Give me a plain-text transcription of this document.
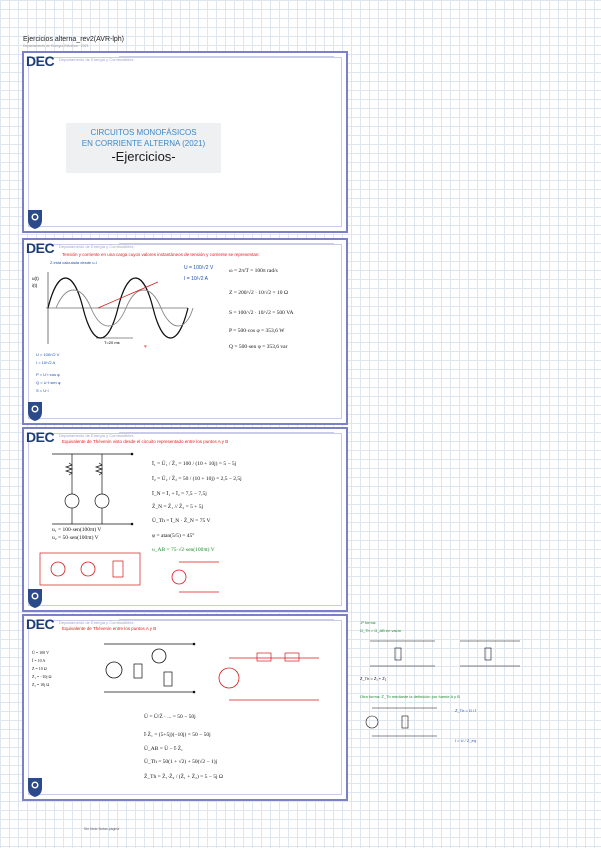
Ejercicios alterna_rev2(AVR-lph)
Departamento de Energía Eléctrica · 2021
DEC Departamento de Energía y Combustibles
CIRCUITOS MONOFÁSICOS
EN CORRIENTE ALTERNA (2021)
-Ejercicios-
DEC Departamento de Energía y Combustibles
Tensión y corriente en una carga cuyos valores instantáneos de tensión y corriente se representan:
Z está calculada desde u-i
u(t)
i(t)
T=20 ms
φ
U = 100/√2 V
I = 10/√2 A
ω = 2π/T = 100π rad/s
Z = 200/√2 · 10/√2 = 10 Ω
S = 100/√2 · 10/√2 = 500 VA
P = 500·cos φ = 353,6 W
Q = 500·sen φ = 353,6 var
U = 100/√2 V
I = 10/√2 A
P = U·I·cos φ
Q = U·I·sen φ
S = U·I
DEC Departamento de Energía y Combustibles
Equivalente de Thévenin visto desde el circuito representado entre los puntos A y B
Ī₁ = Ū₁ / Z̄₁ = 100 / (10 + 10j) = 5 − 5j
Ī₂ = Ū₂ / Z̄₂ = 50 / (10 + 10j) = 2,5 − 2,5j
Ī_N = Ī₁ + Ī₂ = 7,5 − 7,5j
Z̄_N = Z̄₁ // Z̄₂ = 5 + 5j
Ū_Th = Ī_N · Z̄_N = 75 V
u₁ = 100·sen(100πt) V
u₂ = 50·sen(100πt) V	φ = atan(5/5) = 45°
u_AB = 75·√2·sen(100πt) V
DEC Departamento de Energía y Combustibles
Equivalente de Thévenin entre los puntos A y B
Ū = 100 V
Ī = 10 A
Z̄ = 10 Ω
Z̄₁ = −10j Ω
Z̄₂ = 10j Ω
Ū = Ū/Z̄ · ... = 50 − 50j
Ī·Z̄₁ = (5+5j)(−10j) = 50 − 50j
Ū_AB = Ū − Ī·Z̄₁
Ū_Th = 50(1 + √2) + 50(√2 − 1)j
Z̄_Th = Z̄₁·Z̄₂ / (Z̄₁ + Z̄₂) = 5 − 5j Ω
1ª forma:
Ū_Th = Ū_AB en vacío
Z̄_Th = Z̄₁ + Z̄₂
Otra forma: Z̄_Th mediante la definición por fuente A y B
Z̄_Th = Ū / Ī
I = U / Z_eq
Sin título Notas página
